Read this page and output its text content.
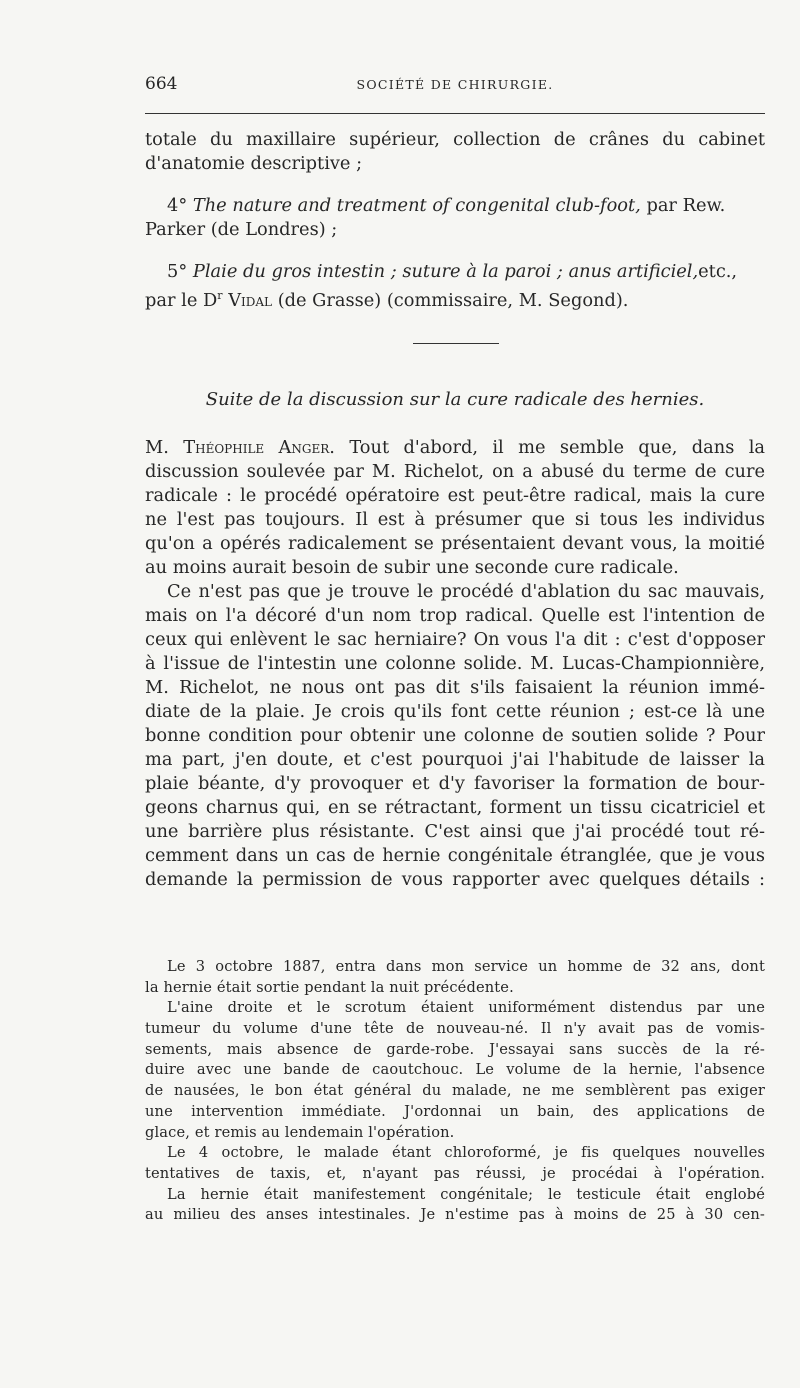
664	SOCIÉTÉ DE CHIRURGIE.
totale du maxillaire supérieur, collection de crânes du cabinet
d'anatomie descriptive ;
4° The nature and treatment of congenital club-foot, par Rew.
Parker (de Londres) ;
5° Plaie du gros intestin ; suture à la paroi ; anus artificiel,etc.,
par le $D^r$ Vidal (de Grasse) (commissaire, M. Segond).
Suite de la discussion sur la cure radicale des hernies.
M. Théophile Anger. Tout d'abord, il me semble que, dans la
discussion soulevée par M. Richelot, on a abusé du terme de cure
radicale : le procédé opératoire est peut-être radical, mais la cure
ne l'est pas toujours. Il est à présumer que si tous les individus
qu'on a opérés radicalement se présentaient devant vous, la moitié
au moins aurait besoin de subir une seconde cure radicale.
Ce n'est pas que je trouve le procédé d'ablation du sac mauvais,
mais on l'a décoré d'un nom trop radical. Quelle est l'intention de
ceux qui enlèvent le sac herniaire? On vous l'a dit : c'est d'opposer
à l'issue de l'intestin une colonne solide. M. Lucas-Championnière,
M. Richelot, ne nous ont pas dit s'ils faisaient la réunion immé-
diate de la plaie. Je crois qu'ils font cette réunion ; est-ce là une
bonne condition pour obtenir une colonne de soutien solide ? Pour
ma part, j'en doute, et c'est pourquoi j'ai l'habitude de laisser la
plaie béante, d'y provoquer et d'y favoriser la formation de bour-
geons charnus qui, en se rétractant, forment un tissu cicatriciel et
une barrière plus résistante. C'est ainsi que j'ai procédé tout ré-
cemment dans un cas de hernie congénitale étranglée, que je vous
demande la permission de vous rapporter avec quelques détails :
Le 3 octobre 1887, entra dans mon service un homme de 32 ans, dont
la hernie était sortie pendant la nuit précédente.
L'aine droite et le scrotum étaient uniformément distendus par une
tumeur du volume d'une tête de nouveau-né. Il n'y avait pas de vomis-
sements, mais absence de garde-robe. J'essayai sans succès de la ré-
duire avec une bande de caoutchouc. Le volume de la hernie, l'absence
de nausées, le bon état général du malade, ne me semblèrent pas exiger
une intervention immédiate. J'ordonnai un bain, des applications de
glace, et remis au lendemain l'opération.
Le 4 octobre, le malade étant chloroformé, je fis quelques nouvelles
tentatives de taxis, et, n'ayant pas réussi, je procédai à l'opération.
La hernie était manifestement congénitale; le testicule était englobé
au milieu des anses intestinales. Je n'estime pas à moins de 25 à 30 cen-
